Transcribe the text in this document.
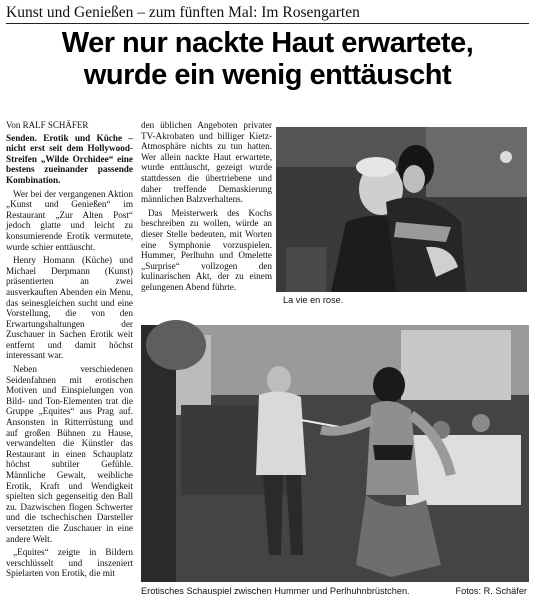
Kunst und Genießen – zum fünften Mal: Im Rosengarten
Wer nur nackte Haut erwartete,
wurde ein wenig enttäuscht
Von RALF SCHÄFER

Senden. Erotik und Küche – nicht erst seit dem Hollywood-Streifen „Wilde Orchidee“ eine bestens zueinander passende Kombination.

Wer bei der vergangenen Aktion „Kunst und Genießen“ im Restaurant „Zur Alten Post“ jedoch glatte und leicht zu konsumierende Erotik vermutete, wurde schier enttäuscht.

Henry Homann (Küche) und Michael Derpmann (Kunst) präsentierten an zwei ausverkauften Abenden ein Menu, das seinesgleichen sucht und eine Vorstellung, die von den Erwartungshaltungen der Zuschauer in Sachen Erotik weit entfernt und damit höchst interessant war.

Neben verschiedenen Seidenfahnen mit erotischen Motiven und Einspielungen von Bild- und Ton-Elementen trat die Gruppe „Equites“ aus Prag auf. Ansonsten in Ritterrüstung und auf großen Bühnen zu Hause, verwandelten die Künstler das Restaurant in einen Schauplatz höchst subtiler Gefühle. Männliche Gewalt, weibliche Erotik, Kraft und Wendigkeit spielten sich gegenseitig den Ball zu. Dazwischen flogen Schwerter und die tschechischen Darsteller versetzten die Zuschauer in eine andere Welt.

„Equites“ zeigte in Bildern verschlüsselt und inszeniert Spielarten von Erotik, die mit

den üblichen Angeboten privater TV-Akrobaten und billiger Kietz-Atmosphäre nichts zu tun hatten. Wer allein nackte Haut erwartete, wurde enttäuscht, gezeigt wurde stattdessen die übertriebene und daher treffende Demaskierung männlichen Balzverhaltens.

Das Meisterwerk des Kochs beschreiben zu wollen, würde an dieser Stelle bedeuten, mit Worten eine Symphonie vorzuspielen. Hummer, Perlhuhn und Omelette „Surprise“ vollzogen den kulinarischen Akt, der zu einem gelungenen Abend führte.

La vie en rose.
Erotisches Schauspiel zwischen Hummer und Perlhuhnbrüstchen.	Fotos: R. Schäfer
